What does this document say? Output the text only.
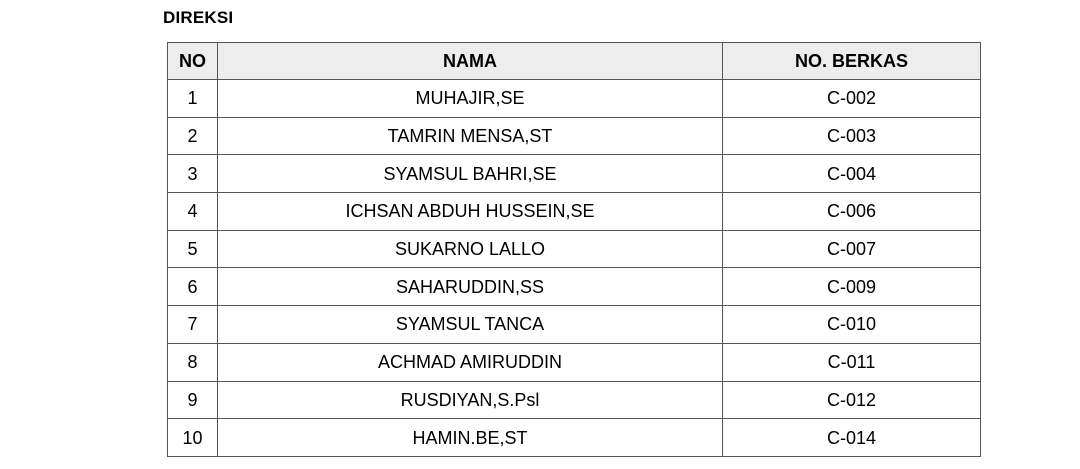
DIREKSI
NO	NAMA	NO. BERKAS
1	MUHAJIR,SE	C-002
2	TAMRIN MENSA,ST	C-003
3	SYAMSUL BAHRI,SE	C-004
4	ICHSAN ABDUH HUSSEIN,SE	C-006
5	SUKARNO LALLO	C-007
6	SAHARUDDIN,SS	C-009
7	SYAMSUL TANCA	C-010
8	ACHMAD AMIRUDDIN	C-011
9	RUSDIYAN,S.Psl	C-012
10	HAMIN.BE,ST	C-014
